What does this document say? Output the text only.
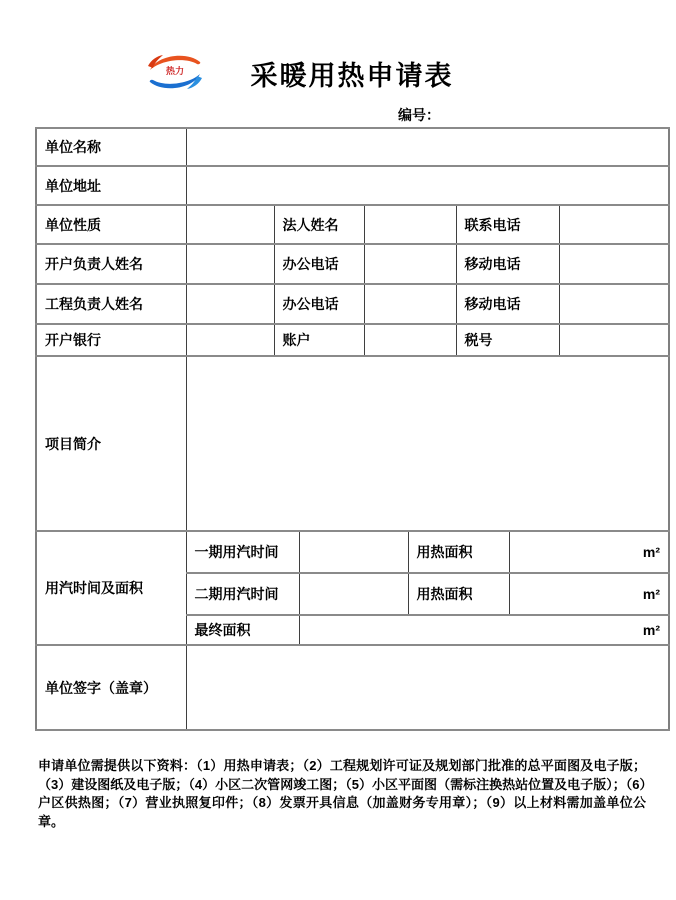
热力	采暖用热申请表
编号：
单位名称								
单位地址								
单位性质		法人姓名				联系电话		
开户负责人姓名		办公电话				移动电话		
工程负责人姓名		办公电话				移动电话		
开户银行		账户				税号		
项目简介								
用汽时间及面积	一期用汽时间				用热面积		m²	
	二期用汽时间				用热面积		m²	
	最终面积		m²					
单位签字（盖章）								
申请单位需提供以下资料：（1）用热申请表；（2）工程规划许可证及规划部门批准的总平面图及电子版；（3）建设图纸及电子版；（4）小区二次管网竣工图；（5）小区平面图（需标注换热站位置及电子版）；（6）户区供热图；（7）营业执照复印件；（8）发票开具信息（加盖财务专用章）；（9）以上材料需加盖单位公章。
